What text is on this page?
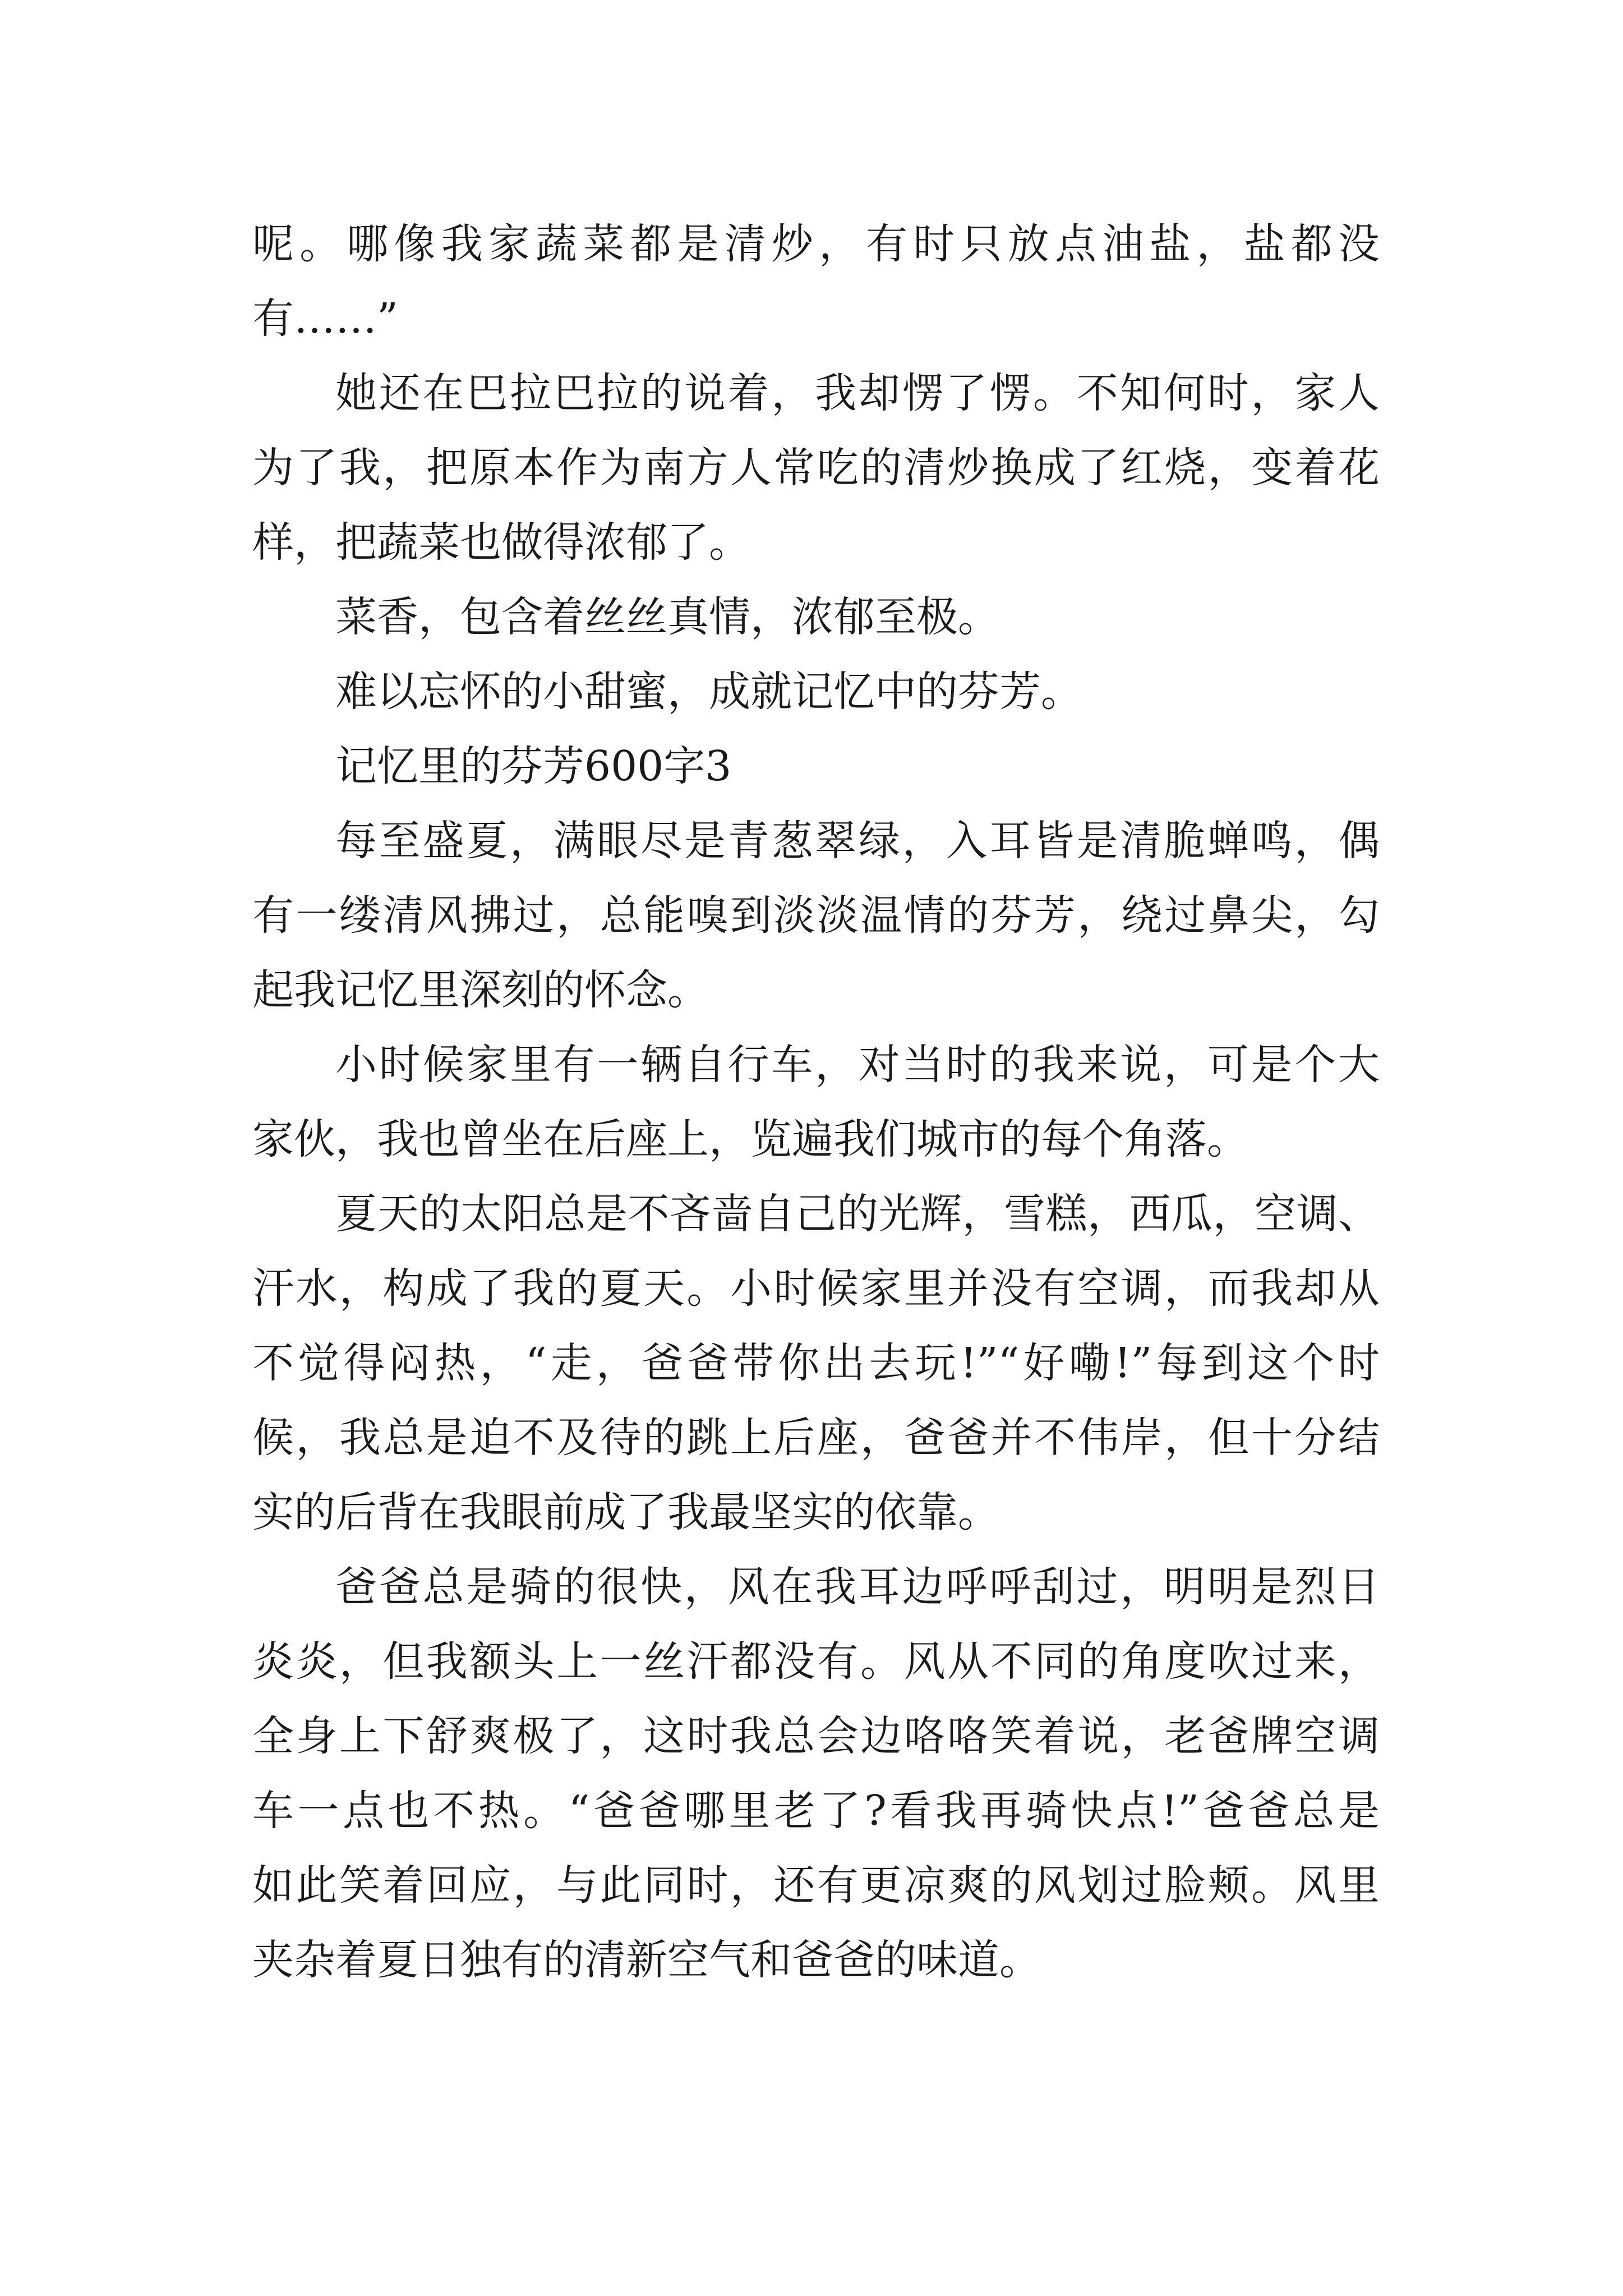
呢。哪像我家蔬菜都是清炒，有时只放点油盐，盐都没

有……”

她还在巴拉巴拉的说着，我却愣了愣。不知何时，家人

为了我，把原本作为南方人常吃的清炒换成了红烧，变着花

样，把蔬菜也做得浓郁了。

菜香，包含着丝丝真情，浓郁至极。

难以忘怀的小甜蜜，成就记忆中的芬芳。

记忆里的芬芳600字3

每至盛夏，满眼尽是青葱翠绿，入耳皆是清脆蝉鸣，偶

有一缕清风拂过，总能嗅到淡淡温情的芬芳，绕过鼻尖，勾

起我记忆里深刻的怀念。

小时候家里有一辆自行车，对当时的我来说，可是个大

家伙，我也曾坐在后座上，览遍我们城市的每个角落。

夏天的太阳总是不吝啬自己的光辉，雪糕，西瓜，空调、

汗水，构成了我的夏天。小时候家里并没有空调，而我却从

不觉得闷热，“走，爸爸带你出去玩!”“好嘞!”每到这个时

候，我总是迫不及待的跳上后座，爸爸并不伟岸，但十分结

实的后背在我眼前成了我最坚实的依靠。

爸爸总是骑的很快，风在我耳边呼呼刮过，明明是烈日

炎炎，但我额头上一丝汗都没有。风从不同的角度吹过来，

全身上下舒爽极了，这时我总会边咯咯笑着说，老爸牌空调

车一点也不热。“爸爸哪里老了?看我再骑快点!”爸爸总是

如此笑着回应，与此同时，还有更凉爽的风划过脸颊。风里

夹杂着夏日独有的清新空气和爸爸的味道。
